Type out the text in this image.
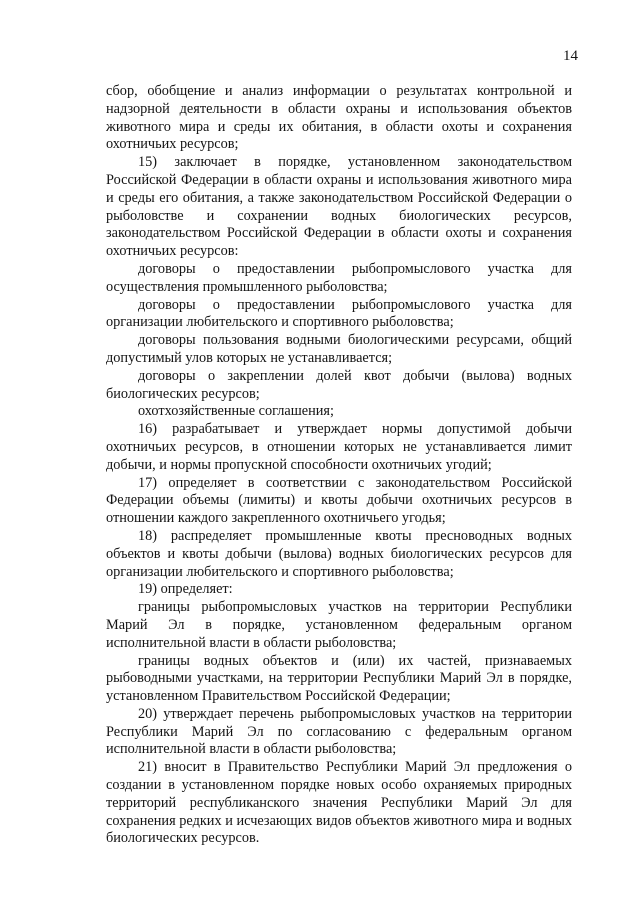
14

сбор, обобщение и анализ информации о результатах контрольной и надзорной деятельности в области охраны и использования объектов животного мира и среды их обитания, в области охоты и сохранения охотничьих ресурсов;

15) заключает в порядке, установленном законодательством Российской Федерации в области охраны и использования животного мира и среды его обитания, а также законодательством Российской Федерации о рыболовстве и сохранении водных биологических ресурсов, законодательством Российской Федерации в области охоты и сохранения охотничьих ресурсов:

договоры о предоставлении рыбопромыслового участка для осуществления промышленного рыболовства;

договоры о предоставлении рыбопромыслового участка для организации любительского и спортивного рыболовства;

договоры пользования водными биологическими ресурсами, общий допустимый улов которых не устанавливается;

договоры о закреплении долей квот добычи (вылова) водных биологических ресурсов;

охотхозяйственные соглашения;

16) разрабатывает и утверждает нормы допустимой добычи охотничьих ресурсов, в отношении которых не устанавливается лимит добычи, и нормы пропускной способности охотничьих угодий;

17) определяет в соответствии с законодательством Российской Федерации объемы (лимиты) и квоты добычи охотничьих ресурсов в отношении каждого закрепленного охотничьего угодья;

18) распределяет промышленные квоты пресноводных водных объектов и квоты добычи (вылова) водных биологических ресурсов для организации любительского и спортивного рыболовства;

19) определяет:

границы рыбопромысловых участков на территории Республики Марий Эл в порядке, установленном федеральным органом исполнительной власти в области рыболовства;

границы водных объектов и (или) их частей, признаваемых рыбоводными участками, на территории Республики Марий Эл в порядке, установленном Правительством Российской Федерации;

20) утверждает перечень рыбопромысловых участков на территории Республики Марий Эл по согласованию с федеральным органом исполнительной власти в области рыболовства;

21) вносит в Правительство Республики Марий Эл предложения о создании в установленном порядке новых особо охраняемых природных территорий республиканского значения Республики Марий Эл для сохранения редких и исчезающих видов объектов животного мира и водных биологических ресурсов.
